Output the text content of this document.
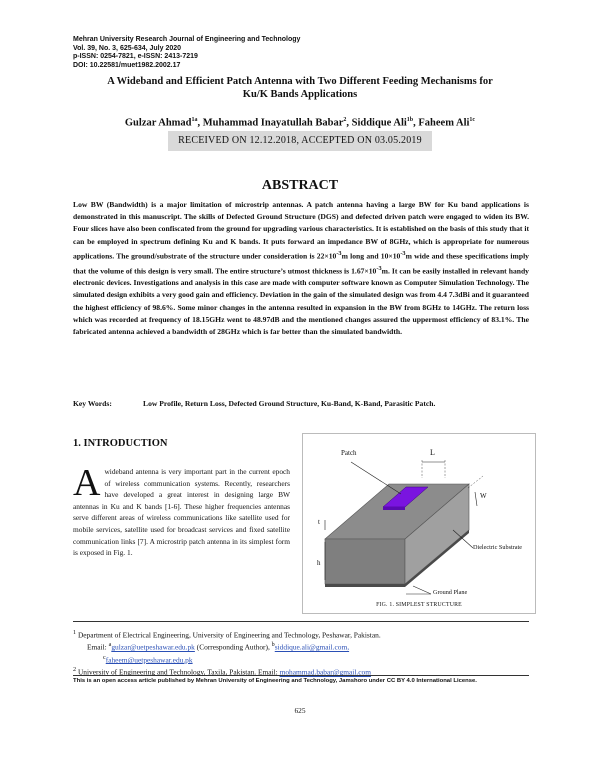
Mehran University Research Journal of Engineering and Technology
Vol. 39, No. 3, 625-634, July 2020
p-ISSN: 0254-7821, e-ISSN: 2413-7219
DOI: 10.22581/muet1982.2002.17
A Wideband and Efficient Patch Antenna with Two Different Feeding Mechanisms for
Ku/K Bands Applications
Gulzar Ahmad$^{1a}$, Muhammad Inayatullah Babar$^2$, Siddique Ali$^{1b}$, Faheem Ali$^{1c}$
RECEIVED ON 12.12.2018, ACCEPTED ON 03.05.2019
ABSTRACT
Low BW (Bandwidth) is a major limitation of microstrip antennas. A patch antenna having a large BW for Ku band applications is demonstrated in this manuscript. The skills of Defected Ground Structure (DGS) and defected driven patch were engaged to widen its BW. Four slices have also been confiscated from the ground for upgrading various characteristics. It is established on the basis of this study that it can be employed in spectrum defining Ku and K bands. It puts forward an impedance BW of 8GHz, which is appropriate for numerous applications. The ground/substrate of the structure under consideration is $22\times 10^{-3}m$ long and $10\times 10^{-3}m$ wide and these specifications imply that the volume of this design is very small. The entire structure’s utmost thickness is $1.67\times 10^{-3}m$. It can be easily installed in relevant handy electronic devices. Investigations and analysis in this case are made with computer software known as Computer Simulation Technology. The simulated design exhibits a very good gain and efficiency. Deviation in the gain of the simulated design was from 4.4 7.3dBi and it guaranteed the highest efficiency of 98.6%. Some minor changes in the antenna resulted in expansion in the BW from 8GHz to 14GHz. The return loss which was recorded at frequency of 18.15GHz went to 48.97dB and the mentioned changes assured the uppermost efficiency of 83.1%. The fabricated antenna achieved a bandwidth of 28GHz which is far better than the simulated bandwidth.
Key Words:	Low Profile, Return Loss, Defected Ground Structure, Ku-Band, K-Band, Parasitic Patch.
1. INTRODUCTION
Awideband antenna is very important part in the current epoch of wireless communication systems. Recently, researchers have developed a great interest in designing large BW antennas in Ku and K bands [1-6]. These higher frequencies antennas serve different areas of wireless communications like satellite used for mobile services, satellite used for broadcast services and fixed satellite communication links [7]. A microstrip patch antenna in its simplest form is exposed in Fig. 1.
Patch	L
W
t
h
Dielectric Substrate
Ground Plane
FIG. 1. SIMPLEST STRUCTURE
$^1$ Department of Electrical Engineering, University of Engineering and Technology, Peshawar, Pakistan.
Email: $^a$gulzar@uetpeshawar.edu.pk (Corresponding Author), $^b$siddique.ali@gmail.com,
$^c$faheem@uetpeshawar.edu.pk
$^2$ University of Engineering and Technology, Taxila, Pakistan. Email: mohammad.babar@gmail.com
This is an open access article published by Mehran University of Engineering and Technology, Jamshoro under CC BY 4.0 International License.
625
